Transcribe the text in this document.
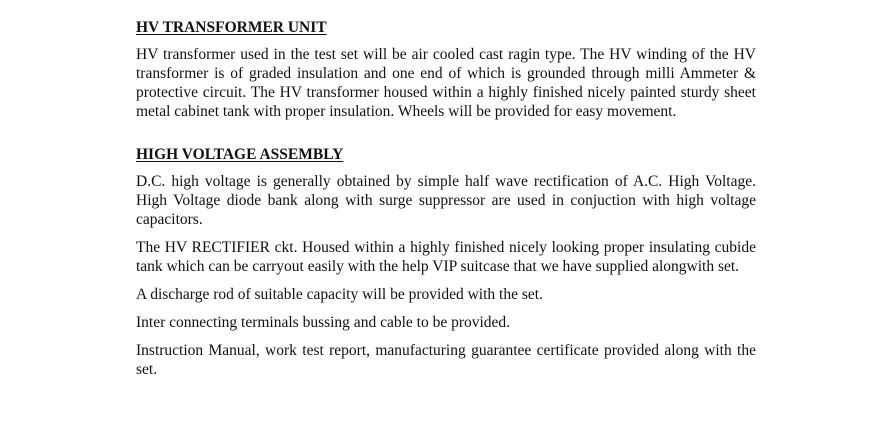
HV TRANSFORMER UNIT

HV transformer used in the test set will be air cooled cast ragin type. The HV winding of the HV transformer is of graded insulation and one end of which is grounded through milli Ammeter & protective circuit. The HV transformer housed within a highly finished nicely painted sturdy sheet metal cabinet tank with proper insulation. Wheels will be provided for easy movement.

HIGH VOLTAGE ASSEMBLY

D.C. high voltage is generally obtained by simple half wave rectification of A.C. High Voltage. High Voltage diode bank along with surge suppressor are used in conjuction with high voltage capacitors.

The HV RECTIFIER ckt. Housed within a highly finished nicely looking proper insulating cubide tank which can be carryout easily with the help VIP suitcase that we have supplied alongwith set.

A discharge rod of suitable capacity will be provided with the set.

Inter connecting terminals bussing and cable to be provided.

Instruction Manual, work test report, manufacturing guarantee certificate provided along with the set.
